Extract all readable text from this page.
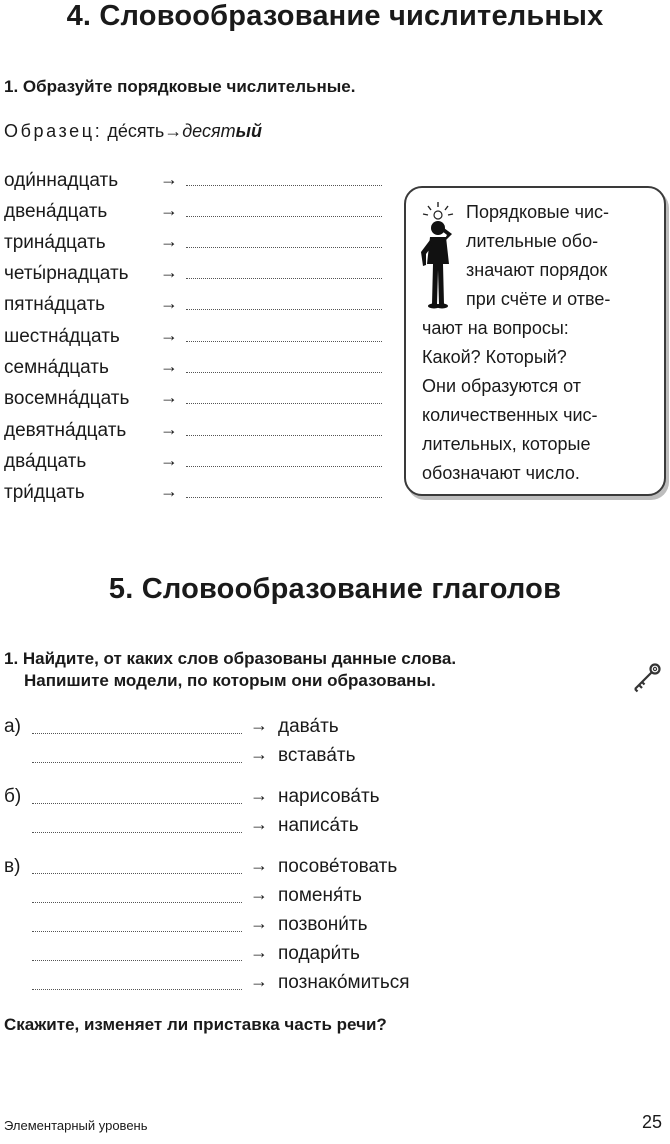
4. Словообразование числительных
1. Образуйте порядковые числительные.
Образец: де́сять→десятый
оди́ннадцать →
двена́дцать	→
трина́дцать	→
четы́рнадцать →
пятна́дцать	→
шестна́дцать →
семна́дцать	→
восемна́дцать →
девятна́дцать →
два́дцать	→
три́дцать	→
Порядковые чис-
лительные обо-
значают порядок
при счёте и отве-
чают на вопросы:
Какой? Который?
Они образуются от
количественных чис-
лительных, которые
обозначают число.
5. Словообразование глаголов
1. Найдите, от каких слов образованы данные слова.
Напишите модели, по которым они образованы.
а)	→ дава́ть
→ встава́ть
б)	→ нарисова́ть
→ написа́ть
в)	→ посове́товать
→ поменя́ть
→ позвони́ть
→ подари́ть
→ познако́миться
Скажите, изменяет ли приставка часть речи?
Элементарный уровень	25
